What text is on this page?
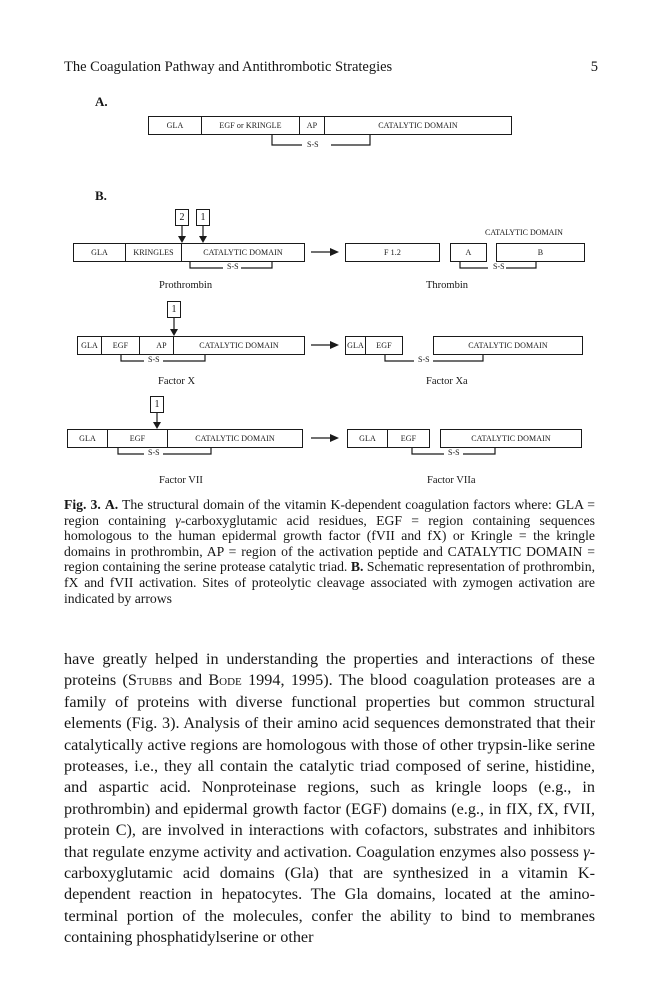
The Coagulation Pathway and Antithrombotic Strategies	5
A.
GLA	EGF or KRINGLE	AP	CATALYTIC DOMAIN
S-S
B.
GLA	KRINGLES	CATALYTIC DOMAIN
2	1
S-S
Prothrombin
F 1.2	A	B
CATALYTIC DOMAIN
S-S
Thrombin
GLA	EGF	AP	CATALYTIC DOMAIN
1
S-S
Factor X
GLA	EGF	CATALYTIC DOMAIN
S-S
Factor Xa
GLA	EGF	CATALYTIC DOMAIN
1
S-S
Factor VII
GLA	EGF	CATALYTIC DOMAIN
S-S
Factor VIIa
Fig. 3. A. The structural domain of the vitamin K-dependent coagulation factors where: GLA = region containing γ-carboxyglutamic acid residues, EGF = region containing sequences homologous to the human epidermal growth factor (fVII and fX) or Kringle = the kringle domains in prothrombin, AP = region of the activation peptide and CATALYTIC DOMAIN = region containing the serine protease catalytic triad. B. Schematic representation of prothrombin, fX and fVII activation. Sites of proteolytic cleavage associated with zymogen activation are indicated by arrows
have greatly helped in understanding the properties and interactions of these proteins (Stubbs and Bode 1994, 1995). The blood coagulation proteases are a family of proteins with diverse functional properties but common structural elements (Fig. 3). Analysis of their amino acid sequences demonstrated that their catalytically active regions are homologous with those of other trypsin-like serine proteases, i.e., they all contain the catalytic triad composed of serine, histidine, and aspartic acid. Nonproteinase regions, such as kringle loops (e.g., in prothrombin) and epidermal growth factor (EGF) domains (e.g., in fIX, fX, fVII, protein C), are involved in interactions with cofactors, substrates and inhibitors that regulate enzyme activity and activation. Coagulation enzymes also possess γ-carboxyglutamic acid domains (Gla) that are synthesized in a vitamin K-dependent reaction in hepatocytes. The Gla domains, located at the amino-terminal portion of the molecules, confer the ability to bind to membranes containing phosphatidylserine or other
